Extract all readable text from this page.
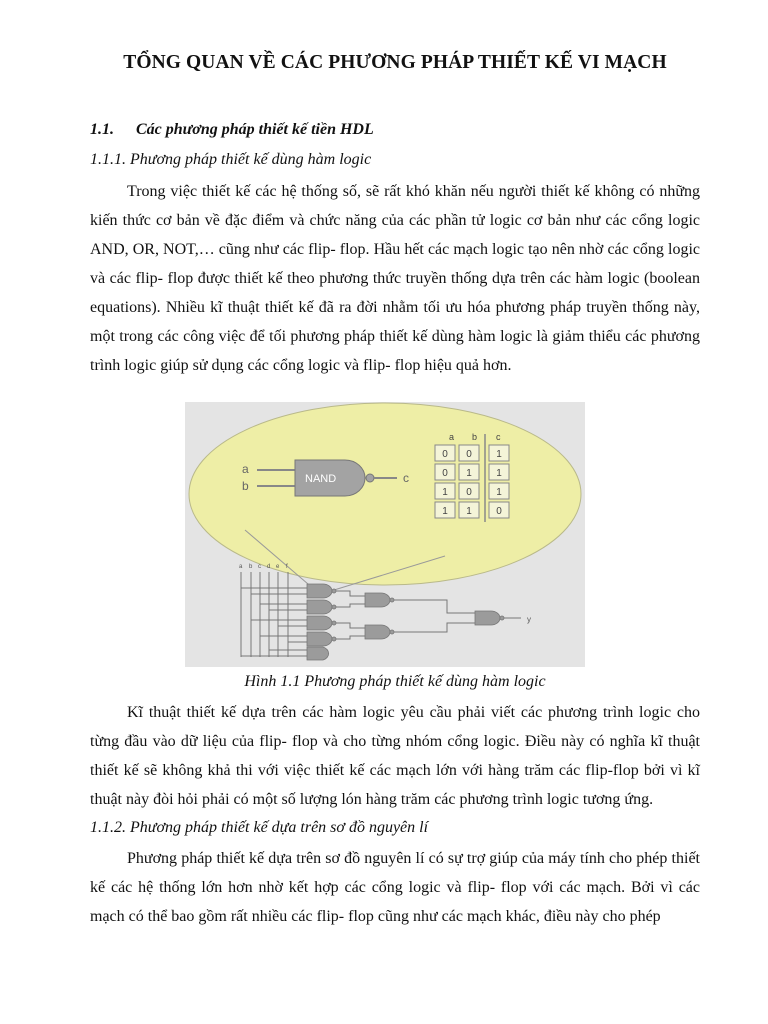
TỔNG QUAN VỀ CÁC PHƯƠNG PHÁP THIẾT KẾ VI MẠCH
1.1. Các phương pháp thiết kế tiền HDL
1.1.1. Phương pháp thiết kế dùng hàm logic

Trong việc thiết kế các hệ thống số, sẽ rất khó khăn nếu người thiết kế không có những kiến thức cơ bản về đặc điểm và chức năng của các phần tử logic cơ bản như các cổng logic AND, OR, NOT,… cũng như các flip- flop. Hầu hết các mạch logic tạo nên nhờ các cổng logic và các flip- flop được thiết kế theo phương thức truyền thống dựa trên các hàm logic (boolean equations). Nhiều kĩ thuật thiết kế đã ra đời nhằm tối ưu hóa phương pháp truyền thống này, một trong các công việc để tối phương pháp thiết kế dùng hàm logic là giảm thiểu các phương trình logic giúp sử dụng các cổng logic và flip- flop hiệu quả hơn.

NAND
a
b
c
a b c
0 0 1
0 1 1
1 0 1
1 1 0
a b c d e f
y
Hình 1.1 Phương pháp thiết kế dùng hàm logic

Kĩ thuật thiết kế dựa trên các hàm logic yêu cầu phải viết các phương trình logic cho từng đầu vào dữ liệu của flip- flop và cho từng nhóm cổng logic. Điều này có nghĩa kĩ thuật thiết kế sẽ không khả thi với việc thiết kế các mạch lớn với hàng trăm các flip-flop bởi vì kĩ thuật này đòi hỏi phải có một số lượng lón hàng trăm các phương trình logic tương ứng.

1.1.2. Phương pháp thiết kế dựa trên sơ đồ nguyên lí

Phương pháp thiết kế dựa trên sơ đồ nguyên lí có sự trợ giúp của máy tính cho phép thiết kế các hệ thống lớn hơn nhờ kết hợp các cổng logic và flip- flop với các mạch. Bởi vì các mạch có thể bao gồm rất nhiều các flip- flop cũng như các mạch khác, điều này cho phép
